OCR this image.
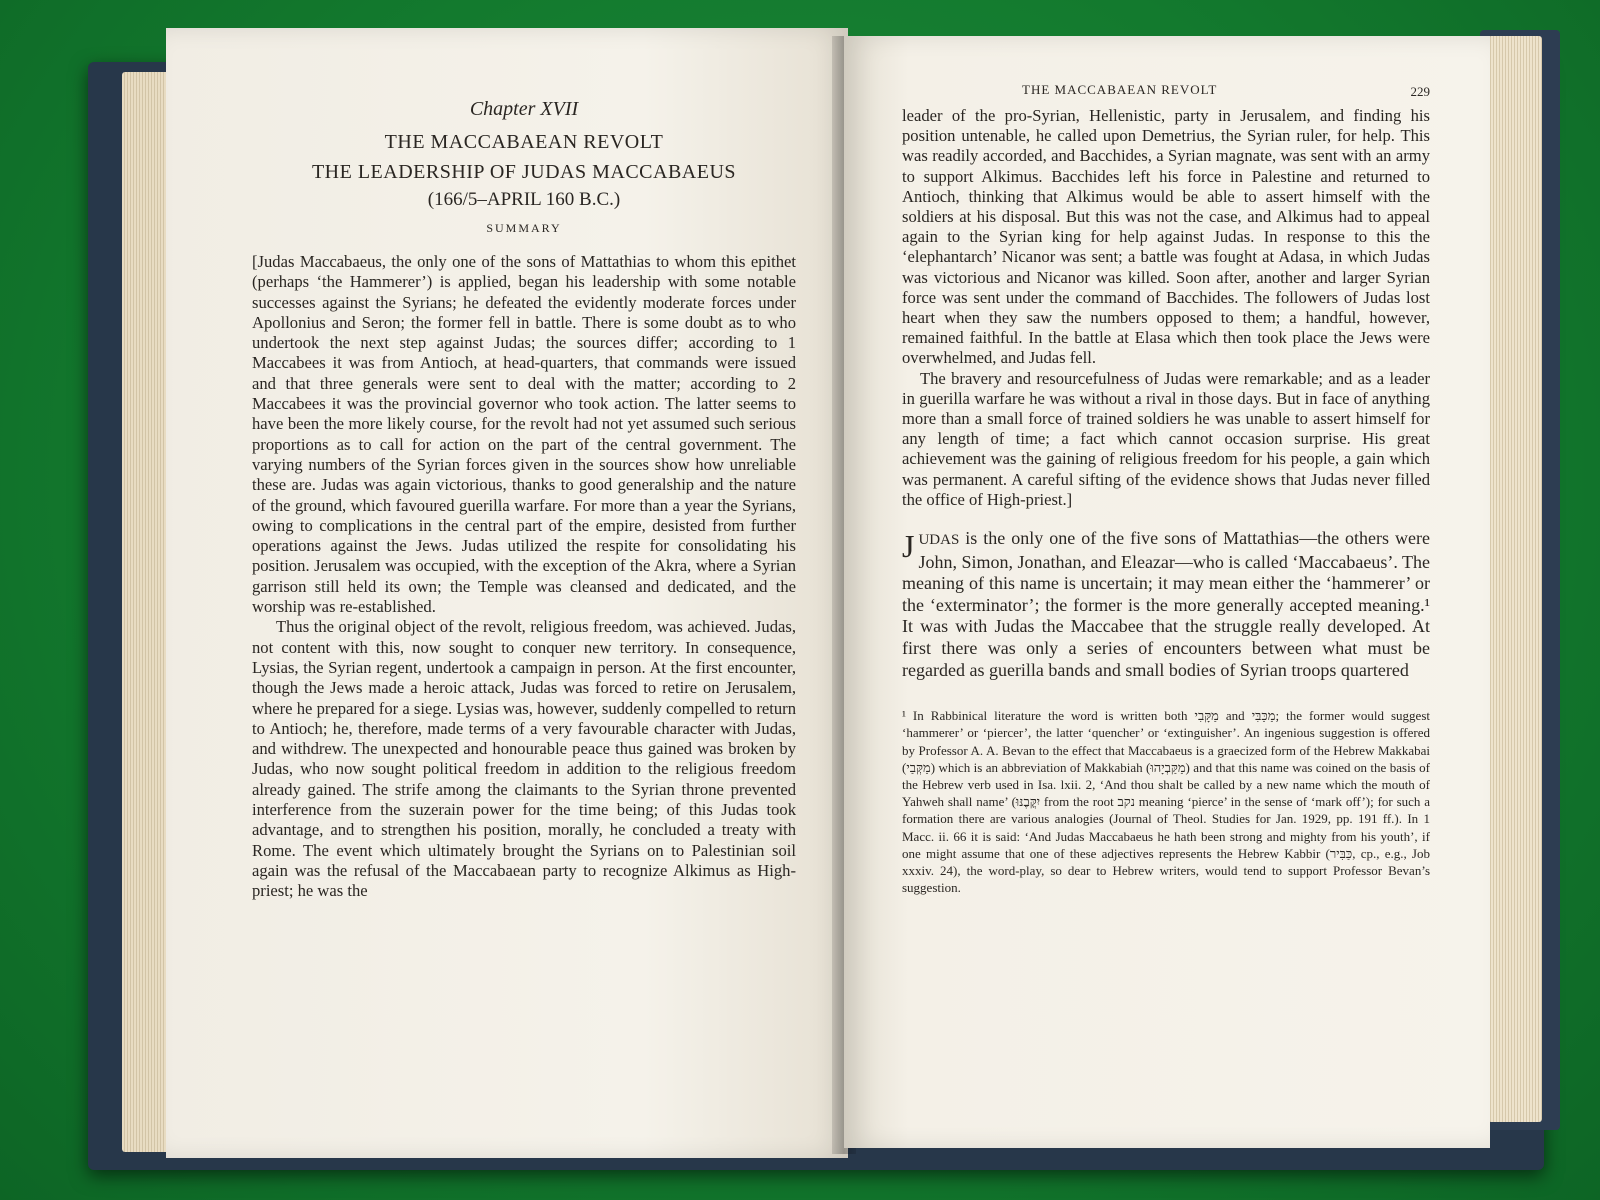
Chapter XVII

THE MACCABAEAN REVOLT

THE LEADERSHIP OF JUDAS MACCABAEUS

(166/5–APRIL 160 B.C.)

SUMMARY

[Judas Maccabaeus, the only one of the sons of Mattathias to whom this epithet (perhaps ‘the Hammerer’) is applied, began his leadership with some notable successes against the Syrians; he defeated the evidently moderate forces under Apollonius and Seron; the former fell in battle. There is some doubt as to who undertook the next step against Judas; the sources differ; according to 1 Maccabees it was from Antioch, at head-quarters, that commands were issued and that three generals were sent to deal with the matter; according to 2 Maccabees it was the provincial governor who took action. The latter seems to have been the more likely course, for the revolt had not yet assumed such serious proportions as to call for action on the part of the central government. The varying numbers of the Syrian forces given in the sources show how unreliable these are. Judas was again victorious, thanks to good generalship and the nature of the ground, which favoured guerilla warfare. For more than a year the Syrians, owing to complications in the central part of the empire, desisted from further operations against the Jews. Judas utilized the respite for consolidating his position. Jerusalem was occupied, with the exception of the Akra, where a Syrian garrison still held its own; the Temple was cleansed and dedicated, and the worship was re-established.

Thus the original object of the revolt, religious freedom, was achieved. Judas, not content with this, now sought to conquer new territory. In consequence, Lysias, the Syrian regent, undertook a campaign in person. At the first encounter, though the Jews made a heroic attack, Judas was forced to retire on Jerusalem, where he prepared for a siege. Lysias was, however, suddenly compelled to return to Antioch; he, therefore, made terms of a very favourable character with Judas, and withdrew. The unexpected and honourable peace thus gained was broken by Judas, who now sought political freedom in addition to the religious freedom already gained. The strife among the claimants to the Syrian throne prevented interference from the suzerain power for the time being; of this Judas took advantage, and to strengthen his position, morally, he concluded a treaty with Rome. The event which ultimately brought the Syrians on to Palestinian soil again was the refusal of the Maccabaean party to recognize Alkimus as High-priest; he was the

THE MACCABAEAN REVOLT	229

leader of the pro-Syrian, Hellenistic, party in Jerusalem, and finding his position untenable, he called upon Demetrius, the Syrian ruler, for help. This was readily accorded, and Bacchides, a Syrian magnate, was sent with an army to support Alkimus. Bacchides left his force in Palestine and returned to Antioch, thinking that Alkimus would be able to assert himself with the soldiers at his disposal. But this was not the case, and Alkimus had to appeal again to the Syrian king for help against Judas. In response to this the ‘elephantarch’ Nicanor was sent; a battle was fought at Adasa, in which Judas was victorious and Nicanor was killed. Soon after, another and larger Syrian force was sent under the command of Bacchides. The followers of Judas lost heart when they saw the numbers opposed to them; a handful, however, remained faithful. In the battle at Elasa which then took place the Jews were overwhelmed, and Judas fell.

The bravery and resourcefulness of Judas were remarkable; and as a leader in guerilla warfare he was without a rival in those days. But in face of anything more than a small force of trained soldiers he was unable to assert himself for any length of time; a fact which cannot occasion surprise. His great achievement was the gaining of religious freedom for his people, a gain which was permanent. A careful sifting of the evidence shows that Judas never filled the office of High-priest.]

JUDAS is the only one of the five sons of Mattathias—the others were John, Simon, Jonathan, and Eleazar—who is called ‘Maccabaeus’. The meaning of this name is uncertain; it may mean either the ‘hammerer’ or the ‘exterminator’; the former is the more generally accepted meaning.¹ It was with Judas the Maccabee that the struggle really developed. At first there was only a series of encounters between what must be regarded as guerilla bands and small bodies of Syrian troops quartered

¹ In Rabbinical literature the word is written both מַקָּבִי and מַכַּבִּי; the former would suggest ‘hammerer’ or ‘piercer’, the latter ‘quencher’ or ‘extinguisher’. An ingenious suggestion is offered by Professor A. A. Bevan to the effect that Maccabaeus is a graecized form of the Hebrew Makkabai (מַקְּבַי) which is an abbreviation of Makkabiah (מַקַּבְיָהוּ) and that this name was coined on the basis of the Hebrew verb used in Isa. lxii. 2, ‘And thou shalt be called by a new name which the mouth of Yahweh shall name’ (יִקֳּבֶנּוּ from the root נקב meaning ‘pierce’ in the sense of ‘mark off’); for such a formation there are various analogies (Journal of Theol. Studies for Jan. 1929, pp. 191 ff.). In 1 Macc. ii. 66 it is said: ‘And Judas Maccabaeus he hath been strong and mighty from his youth’, if one might assume that one of these adjectives represents the Hebrew Kabbir (כַּבִּיר, cp., e.g., Job xxxiv. 24), the word-play, so dear to Hebrew writers, would tend to support Professor Bevan’s suggestion.
